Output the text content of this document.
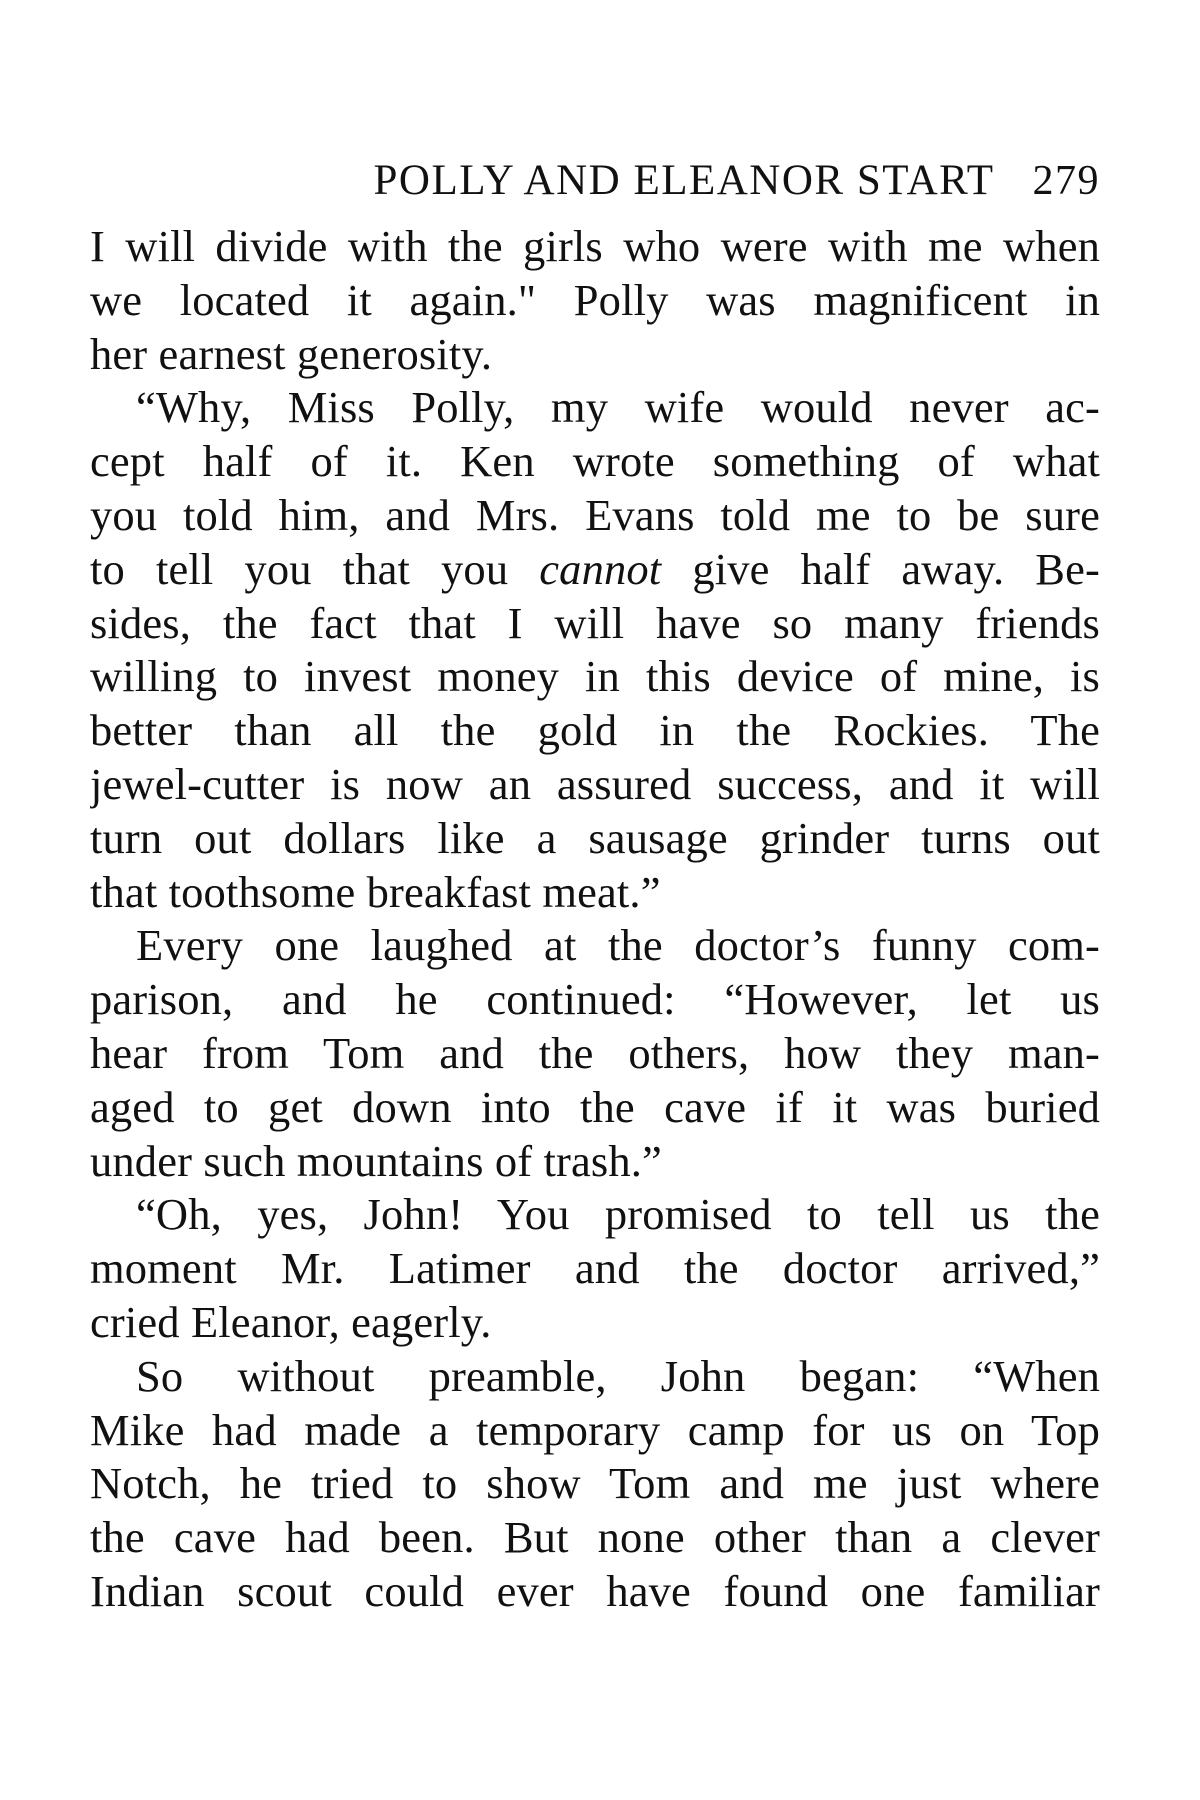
POLLY AND ELEANOR START 279
I will divide with the girls who were with me when
we located it again." Polly was magnificent in
her earnest generosity.
“Why, Miss Polly, my wife would never ac-
cept half of it. Ken wrote something of what
you told him, and Mrs. Evans told me to be sure
to tell you that you cannot give half away. Be-
sides, the fact that I will have so many friends
willing to invest money in this device of mine, is
better than all the gold in the Rockies. The
jewel-cutter is now an assured success, and it will
turn out dollars like a sausage grinder turns out
that toothsome breakfast meat.”
Every one laughed at the doctor’s funny com-
parison, and he continued: “However, let us
hear from Tom and the others, how they man-
aged to get down into the cave if it was buried
under such mountains of trash.”
“Oh, yes, John! You promised to tell us the
moment Mr. Latimer and the doctor arrived,”
cried Eleanor, eagerly.
So without preamble, John began: “When
Mike had made a temporary camp for us on Top
Notch, he tried to show Tom and me just where
the cave had been. But none other than a clever
Indian scout could ever have found one familiar
